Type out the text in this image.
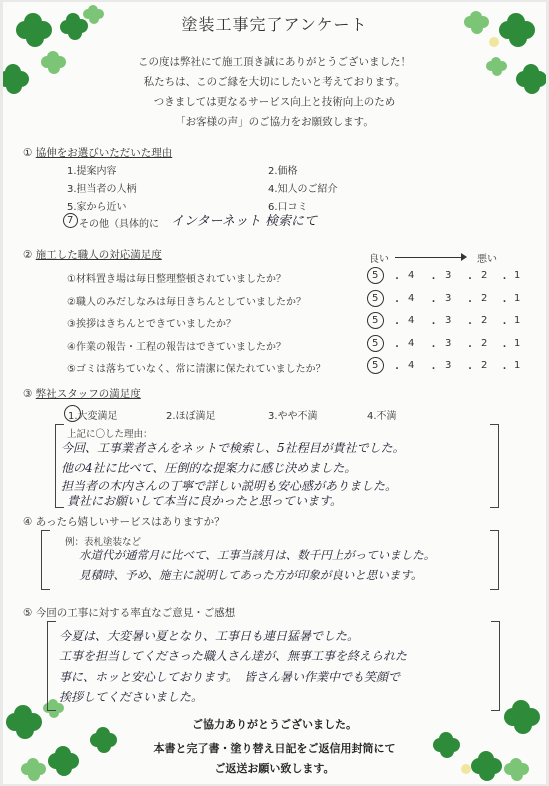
塗装工事完了アンケート
この度は弊社にて施工頂き誠にありがとうございました！
私たちは、このご縁を大切にしたいと考えております。
つきましては更なるサービス向上と技術向上のため
「お客様の声」のご協力をお願致します。
① 協伸をお選びいただいた理由
1.提案内容	2.価格
3.担当者の人柄	4.知人のご紹介
5.家から近い	6.口コミ
7 その他（具体的に インターネット 検索にて
② 施工した職人の対応満足度	良い	悪い
①材料置き場は毎日整理整頓されていましたか？	5 ・ 4 ・ 3 ・ 2 ・ 1
②職人のみだしなみは毎日きちんとしていましたか？	5 ・ 4 ・ 3 ・ 2 ・ 1
③挨拶はきちんとできていましたか？	5 ・ 4 ・ 3 ・ 2 ・ 1
④作業の報告・工程の報告はできていましたか？	5 ・ 4 ・ 3 ・ 2 ・ 1
⑤ゴミは落ちていなく、常に清潔に保たれていましたか？	5 ・ 4 ・ 3 ・ 2 ・ 1
③ 弊社スタッフの満足度
1.大変満足	2.ほぼ満足	3.やや不満	4.不満
上記に〇した理由：
今回、工事業者さんをネットで検索し、5社程目が貴社でした。
他の4社に比べて、圧倒的な提案力に感じ決めました。
担当者の木内さんの丁寧で詳しい説明も安心感がありました。
貴社にお願いして本当に良かったと思っています。
④ あったら嬉しいサービスはありますか？
例：表札塗装など
水道代が通常月に比べて、工事当該月は、数千円上がっていました。
見積時、予め、施主に説明してあった方が印象が良いと思います。
⑤ 今回の工事に対する率直なご意見・ご感想
今夏は、大変暑い夏となり、工事日も連日猛暑でした。
工事を担当してくださった職人さん達が、無事工事を終えられた
事に、ホッと安心しております。　皆さん暑い作業中でも笑顔で
挨拶してくださいました。
ご協力ありがとうございました。
本書と完了書・塗り替え日記をご返信用封筒にて
ご返送お願い致します。
